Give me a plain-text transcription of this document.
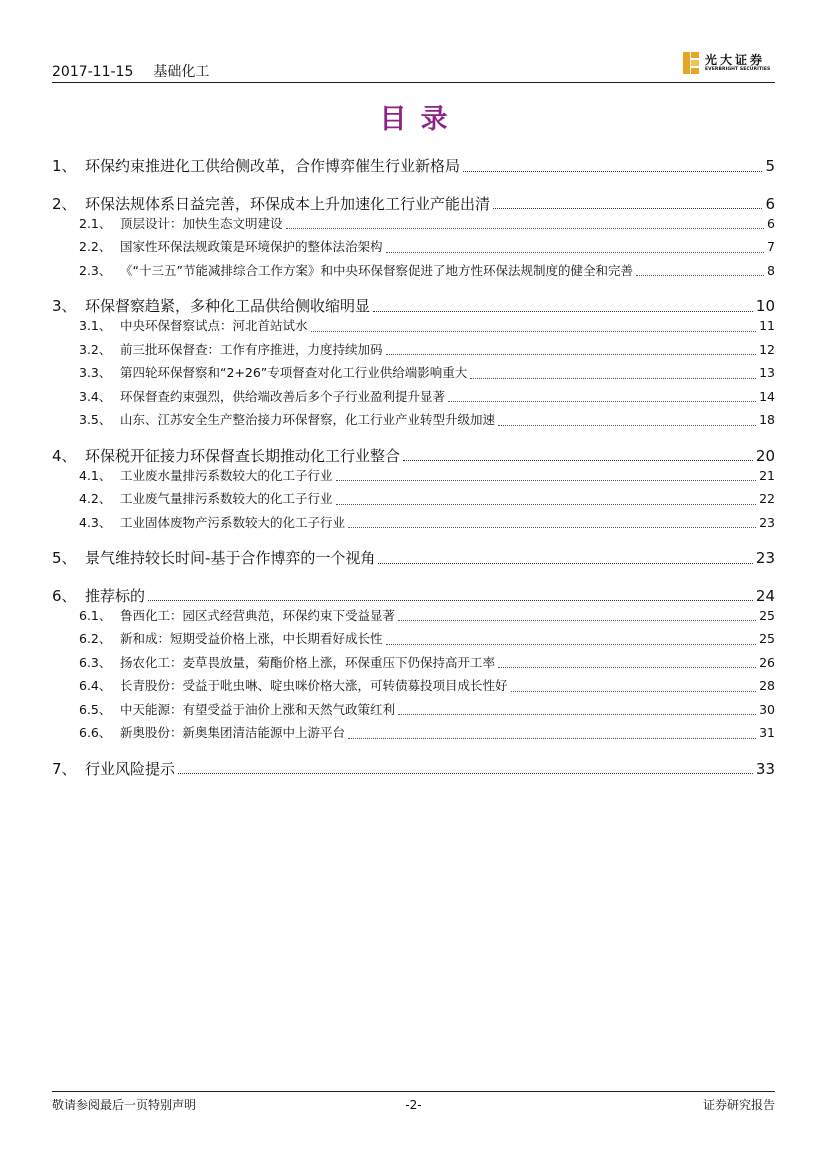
2017-11-15 基础化工
光大证券
EVERBRIGHT SECURITIES
目录
1、 环保约束推进化工供给侧改革，合作博弈催生行业新格局	5
2、 环保法规体系日益完善，环保成本上升加速化工行业产能出清	6
2.1、 顶层设计：加快生态文明建设	6
2.2、 国家性环保法规政策是环境保护的整体法治架构	7
2.3、 《“十三五”节能减排综合工作方案》和中央环保督察促进了地方性环保法规制度的健全和完善	8
3、 环保督察趋紧，多种化工品供给侧收缩明显	10
3.1、 中央环保督察试点：河北首站试水	11
3.2、 前三批环保督查：工作有序推进，力度持续加码	12
3.3、 第四轮环保督察和“2+26”专项督查对化工行业供给端影响重大	13
3.4、 环保督查约束强烈，供给端改善后多个子行业盈利提升显著	14
3.5、 山东、江苏安全生产整治接力环保督察，化工行业产业转型升级加速	18
4、 环保税开征接力环保督查长期推动化工行业整合	20
4.1、 工业废水量排污系数较大的化工子行业	21
4.2、 工业废气量排污系数较大的化工子行业	22
4.3、 工业固体废物产污系数较大的化工子行业	23
5、 景气维持较长时间-基于合作博弈的一个视角	23
6、 推荐标的	24
6.1、 鲁西化工：园区式经营典范，环保约束下受益显著	25
6.2、 新和成：短期受益价格上涨，中长期看好成长性	25
6.3、 扬农化工：麦草畏放量，菊酯价格上涨，环保重压下仍保持高开工率	26
6.4、 长青股份：受益于吡虫啉、啶虫咪价格大涨，可转债募投项目成长性好	28
6.5、 中天能源：有望受益于油价上涨和天然气政策红利	30
6.6、 新奥股份：新奥集团清洁能源中上游平台	31
7、 行业风险提示	33
敬请参阅最后一页特别声明	-2-	证券研究报告
